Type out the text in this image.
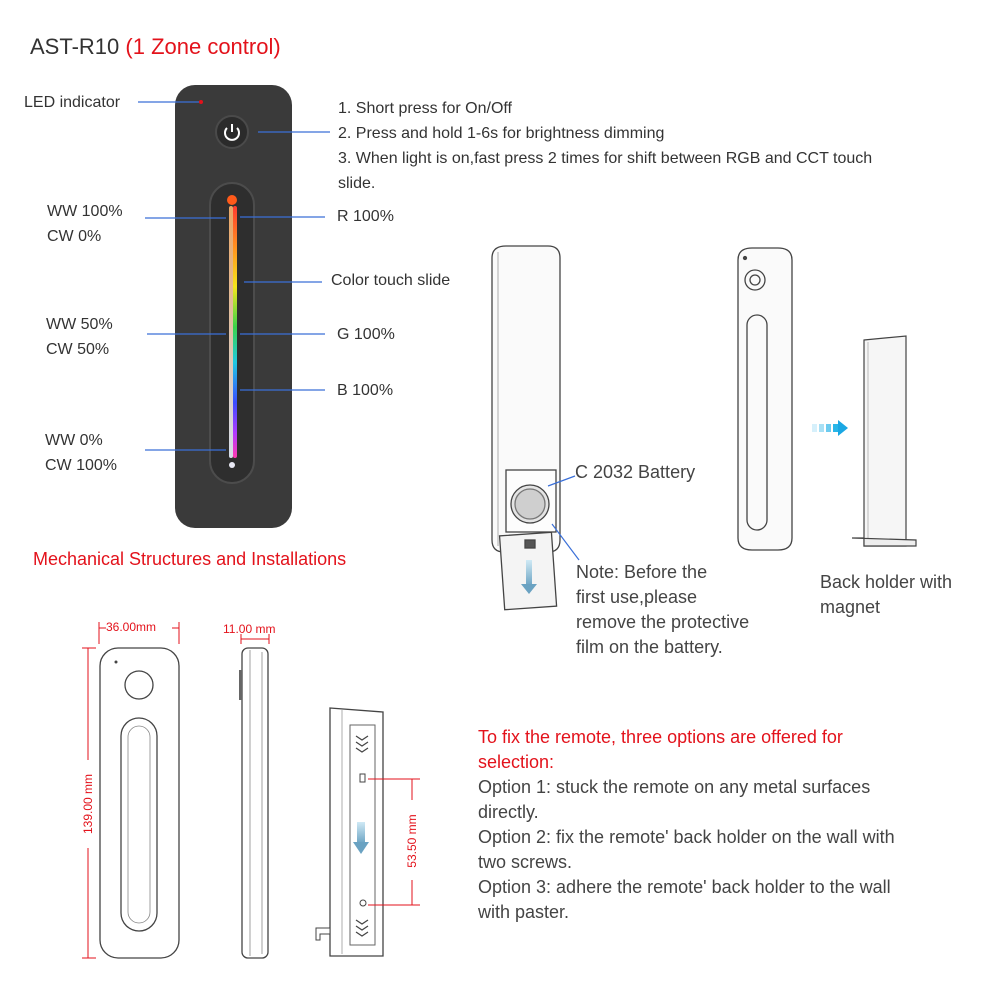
AST-R10 (1 Zone control)
LED indicator
WW 100%
CW 0%
WW 50%
CW 50%
WW 0%
CW 100%
R 100%
Color touch slide
G 100%
B 100%
1. Short press for On/Off
2. Press and hold 1-6s for brightness dimming
3. When light is on,fast press 2 times for shift between RGB and CCT touch
slide.
C 2032 Battery
Note: Before the
first use,please
remove the protective
film on the battery.
Back holder with
magnet
Mechanical Structures and Installations
36.00mm	11.00 mm
139.00 mm
53.50 mm
To fix the remote, three options are offered for
selection:
Option 1: stuck the remote on any metal surfaces
directly.
Option 2: fix the remote' back holder on the wall with
two screws.
Option 3: adhere the remote' back holder to the wall
with paster.
